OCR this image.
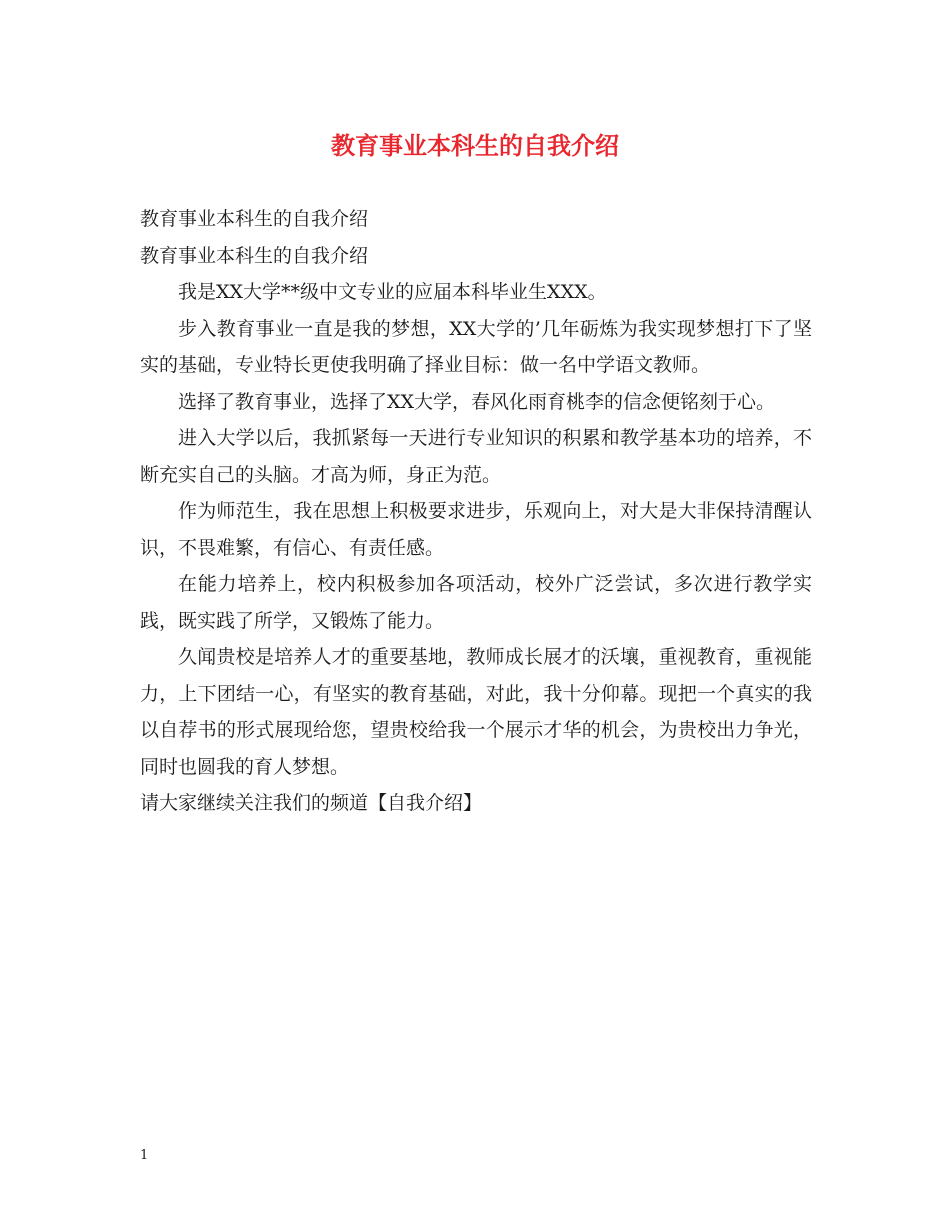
教育事业本科生的自我介绍

教育事业本科生的自我介绍

教育事业本科生的自我介绍

我是XX大学**级中文专业的应届本科毕业生XXX。

步入教育事业一直是我的梦想，XX大学的’几年砺炼为我实现梦想打下了坚实的基础，专业特长更使我明确了择业目标：做一名中学语文教师。

选择了教育事业，选择了XX大学，春风化雨育桃李的信念便铭刻于心。

进入大学以后，我抓紧每一天进行专业知识的积累和教学基本功的培养，不断充实自己的头脑。才高为师，身正为范。

作为师范生，我在思想上积极要求进步，乐观向上，对大是大非保持清醒认识，不畏难繁，有信心、有责任感。

在能力培养上，校内积极参加各项活动，校外广泛尝试，多次进行教学实践，既实践了所学，又锻炼了能力。

久闻贵校是培养人才的重要基地，教师成长展才的沃壤，重视教育，重视能力，上下团结一心，有坚实的教育基础，对此，我十分仰幕。现把一个真实的我以自荐书的形式展现给您，望贵校给我一个展示才华的机会，为贵校出力争光，同时也圆我的育人梦想。

请大家继续关注我们的频道【自我介绍】

1
